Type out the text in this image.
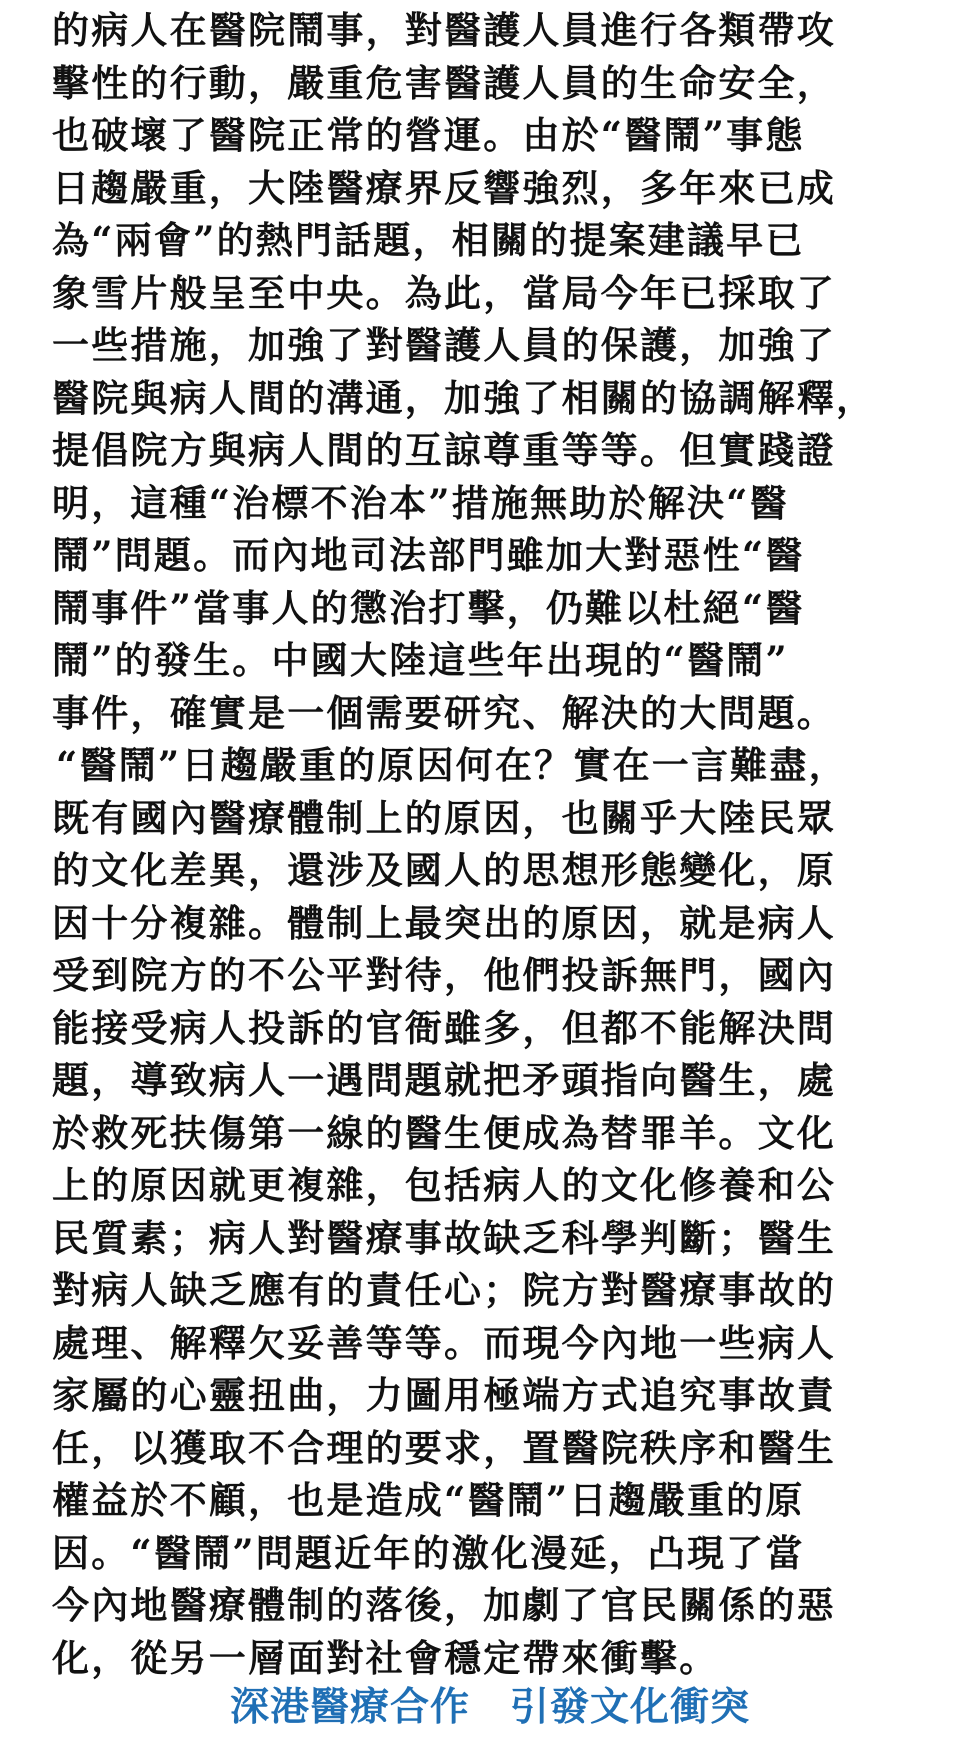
的病人在醫院鬧事，對醫護人員進行各類帶攻
擊性的行動，嚴重危害醫護人員的生命安全，
也破壞了醫院正常的營運。由於“醫鬧”事態
日趨嚴重，大陸醫療界反響強烈，多年來已成
為“兩會”的熱門話題，相關的提案建議早已
象雪片般呈至中央。為此，當局今年已採取了
一些措施，加強了對醫護人員的保護，加強了
醫院與病人間的溝通，加強了相關的協調解釋，
提倡院方與病人間的互諒尊重等等。但實踐證
明，這種“治標不治本”措施無助於解決“醫
鬧”問題。而內地司法部門雖加大對惡性“醫
鬧事件”當事人的懲治打擊，仍難以杜絕“醫
鬧”的發生。中國大陸這些年出現的“醫鬧”
事件，確實是一個需要研究、解決的大問題。
“醫鬧”日趨嚴重的原因何在？實在一言難盡，
既有國內醫療體制上的原因，也關乎大陸民眾
的文化差異，還涉及國人的思想形態變化，原
因十分複雜。體制上最突出的原因，就是病人
受到院方的不公平對待，他們投訴無門，國內
能接受病人投訴的官衙雖多，但都不能解決問
題，導致病人一遇問題就把矛頭指向醫生，處
於救死扶傷第一線的醫生便成為替罪羊。文化
上的原因就更複雜，包括病人的文化修養和公
民質素；病人對醫療事故缺乏科學判斷；醫生
對病人缺乏應有的責任心；院方對醫療事故的
處理、解釋欠妥善等等。而現今內地一些病人
家屬的心靈扭曲，力圖用極端方式追究事故責
任，以獲取不合理的要求，置醫院秩序和醫生
權益於不顧，也是造成“醫鬧”日趨嚴重的原
因。“醫鬧”問題近年的激化漫延，凸現了當
今內地醫療體制的落後，加劇了官民關係的惡
化，從另一層面對社會穩定帶來衝擊。
深港醫療合作　引發文化衝突
